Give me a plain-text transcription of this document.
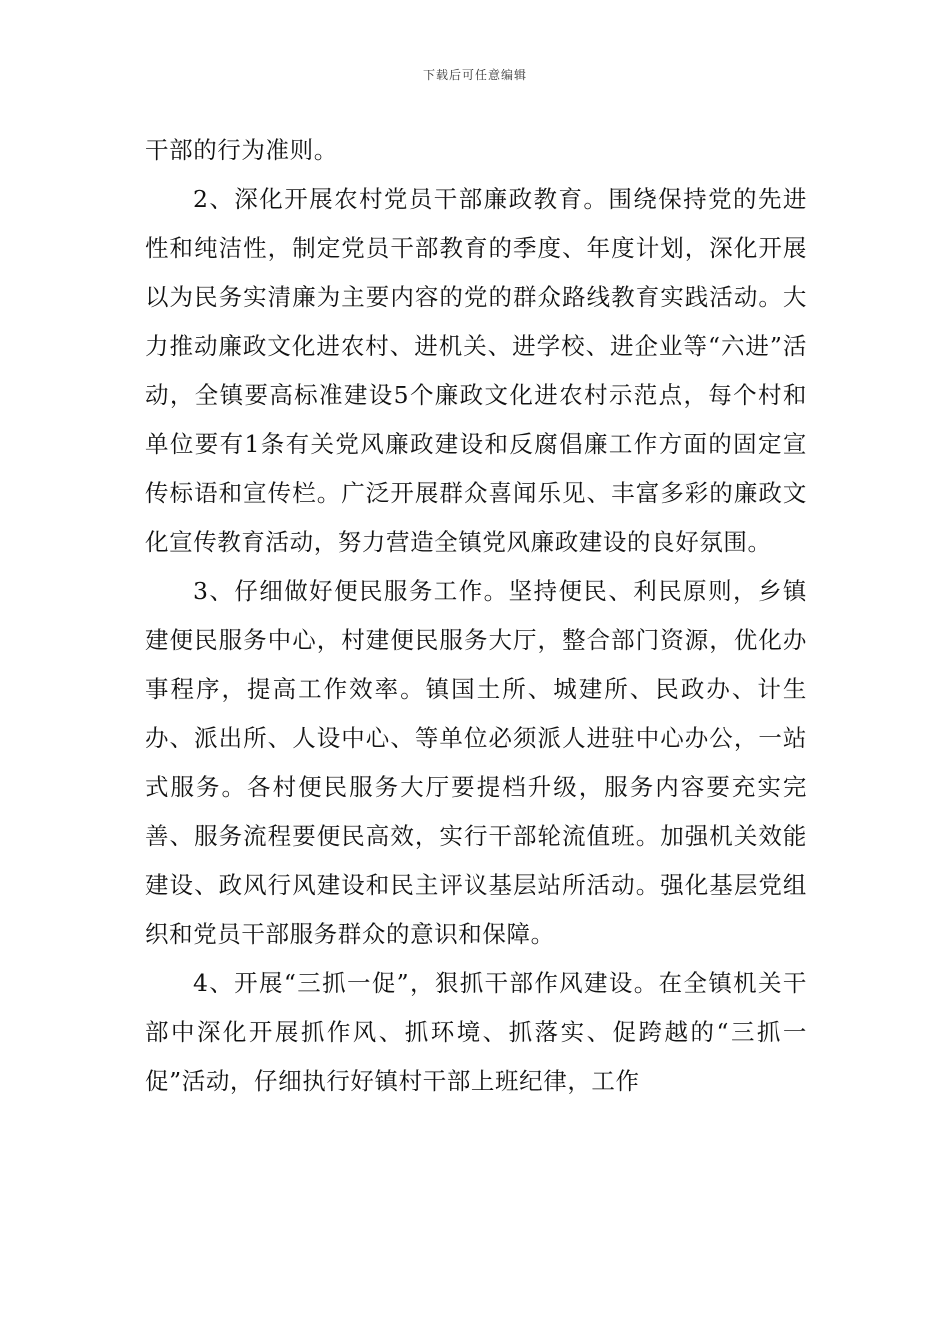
下载后可任意编辑

干部的行为准则。

2、深化开展农村党员干部廉政教育。围绕保持党的先进性和纯洁性，制定党员干部教育的季度、年度计划，深化开展以为民务实清廉为主要内容的党的群众路线教育实践活动。大力推动廉政文化进农村、进机关、进学校、进企业等“六进”活动，全镇要高标准建设5个廉政文化进农村示范点，每个村和单位要有1条有关党风廉政建设和反腐倡廉工作方面的固定宣传标语和宣传栏。广泛开展群众喜闻乐见、丰富多彩的廉政文化宣传教育活动，努力营造全镇党风廉政建设的良好氛围。

3、仔细做好便民服务工作。坚持便民、利民原则，乡镇建便民服务中心，村建便民服务大厅，整合部门资源，优化办事程序，提高工作效率。镇国土所、城建所、民政办、计生办、派出所、人设中心、等单位必须派人进驻中心办公，一站式服务。各村便民服务大厅要提档升级，服务内容要充实完善、服务流程要便民高效，实行干部轮流值班。加强机关效能建设、政风行风建设和民主评议基层站所活动。强化基层党组织和党员干部服务群众的意识和保障。

4、开展“三抓一促”，狠抓干部作风建设。在全镇机关干部中深化开展抓作风、抓环境、抓落实、促跨越的“三抓一促”活动，仔细执行好镇村干部上班纪律，工作
